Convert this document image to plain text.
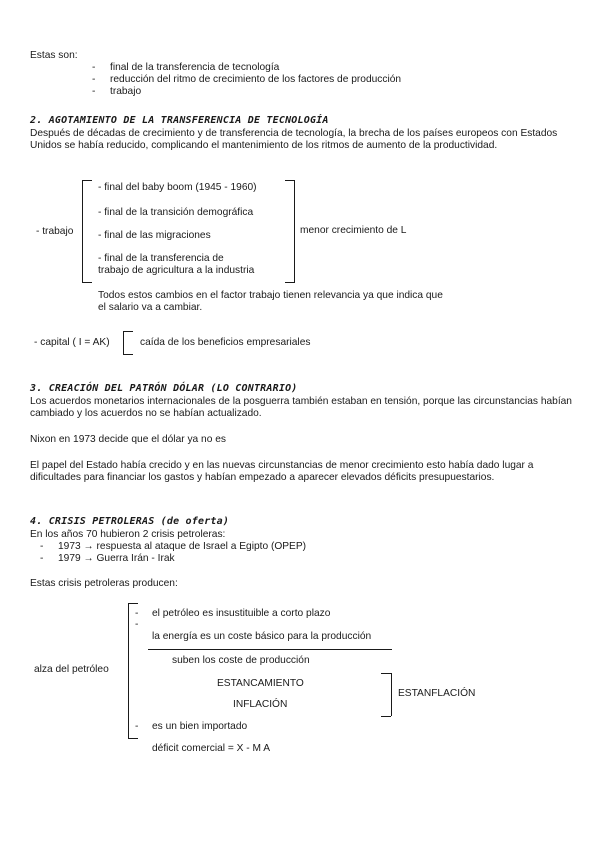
Estas son:
- final de la transferencia de tecnología
- reducción del ritmo de crecimiento de los factores de producción
- trabajo
2. AGOTAMIENTO DE LA TRANSFERENCIA DE TECNOLOGÍA
Después de décadas de crecimiento y de transferencia de tecnología, la brecha de los países europeos con Estados Unidos se había reducido, complicando el mantenimiento de los ritmos de aumento de la productividad.
- trabajo
- final del baby boom (1945 - 1960)
- final de la transición demográfica
- final de las migraciones
- final de la transferencia de
trabajo de agricultura a la industria
menor crecimiento de L
Todos estos cambios en el factor trabajo tienen relevancia ya que indica que
el salario va a cambiar.
- capital ( I = AK)	caída de los beneficios empresariales
3. CREACIÓN DEL PATRÓN DÓLAR (LO CONTRARIO)
Los acuerdos monetarios internacionales de la posguerra también estaban en tensión, porque las circunstancias habían cambiado y los acuerdos no se habían actualizado.
Nixon en 1973 decide que el dólar ya no es
El papel del Estado había crecido y en las nuevas circunstancias de menor crecimiento esto había dado lugar a dificultades para financiar los gastos y habían empezado a aparecer elevados déficits presupuestarios.
4. CRISIS PETROLERAS (de oferta)
En los años 70 hubieron 2 crisis petroleras:
- 1973 → respuesta al ataque de Israel a Egipto (OPEP)
- 1979 → Guerra Irán - Irak
Estas crisis petroleras producen:
alza del petróleo
- el petróleo es insustituible a corto plazo
-
la energía es un coste básico para la producción
suben los coste de producción
ESTANCAMIENTO
INFLACIÓN
ESTANFLACIÓN
- es un bien importado
déficit comercial = X - M A
